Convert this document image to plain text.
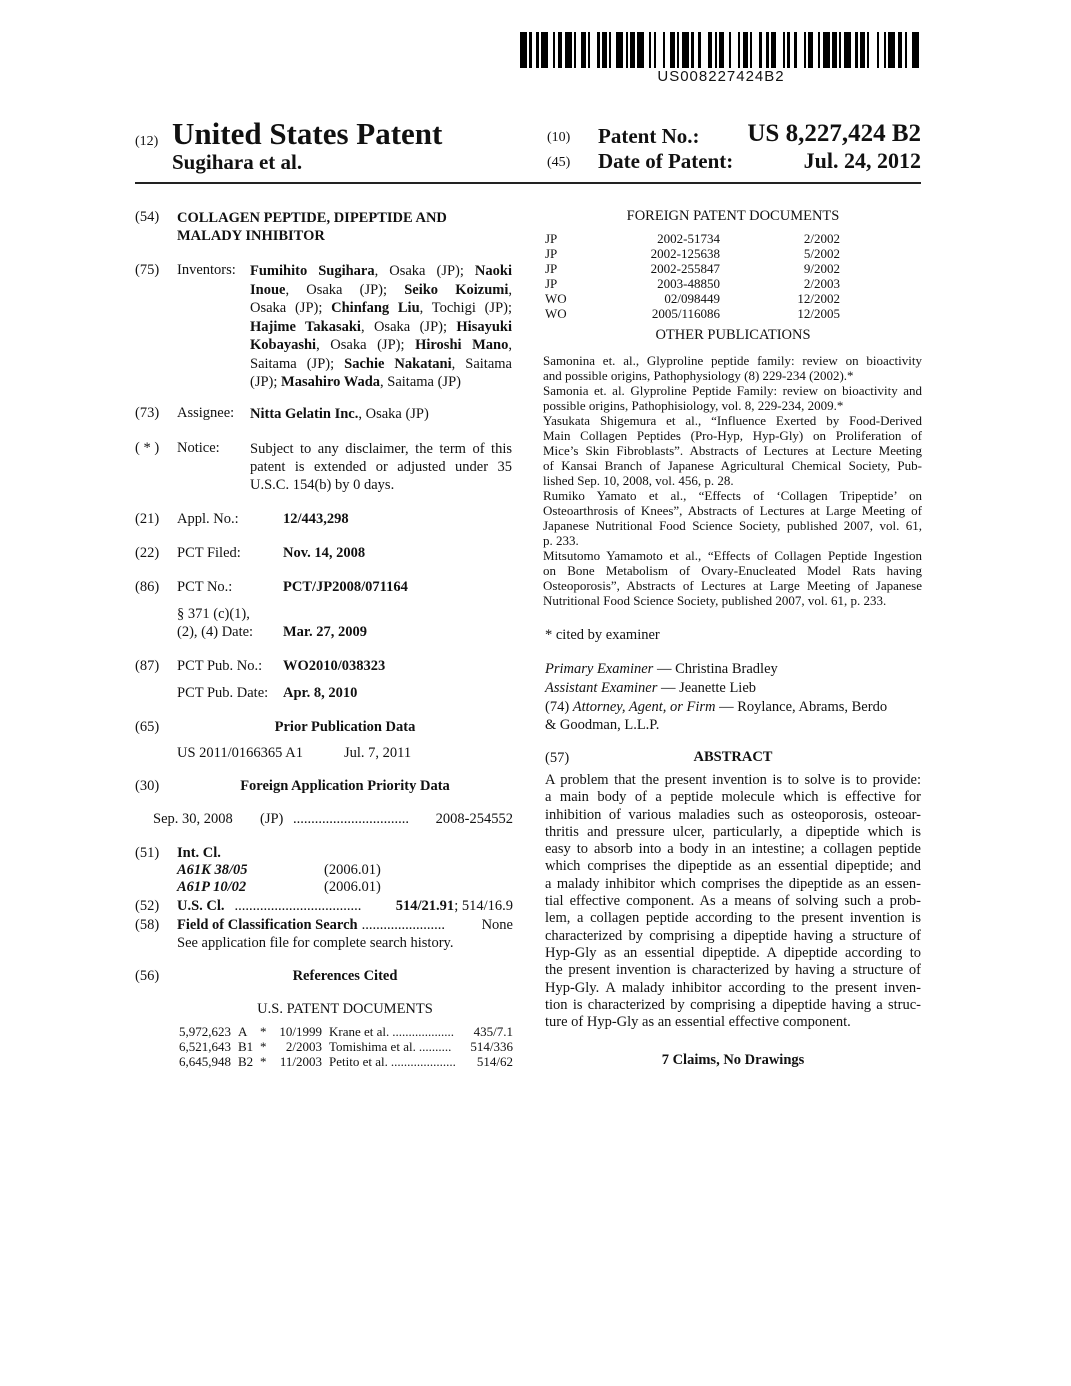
US008227424B2
(12) United States Patent
Sugihara et al.
(10) Patent No.: US 8,227,424 B2
(45) Date of Patent:	Jul. 24, 2012
(54) COLLAGEN PEPTIDE, DIPEPTIDE AND
MALADY INHIBITOR
(75) Inventors: Fumihito Sugihara, Osaka (JP); Naoki
Inoue, Osaka (JP); Seiko Koizumi,
Osaka (JP); Chinfang Liu, Tochigi (JP);
Hajime Takasaki, Osaka (JP); Hisayuki
Kobayashi, Osaka (JP); Hiroshi Mano,
Saitama (JP); Sachie Nakatani, Saitama
(JP); Masahiro Wada, Saitama (JP)
(73) Assignee: Nitta Gelatin Inc., Osaka (JP)
( * ) Notice: Subject to any disclaimer, the term of this
patent is extended or adjusted under 35
U.S.C. 154(b) by 0 days.
(21) Appl. No.:	12/443,298
(22) PCT Filed:	Nov. 14, 2008
(86) PCT No.:	PCT/JP2008/071164
§ 371 (c)(1),
(2), (4) Date: Mar. 27, 2009
(87) PCT Pub. No.: WO2010/038323
PCT Pub. Date: Apr. 8, 2010
(65)	Prior Publication Data
US 2011/0166365 A1	Jul. 7, 2011
(30)	Foreign Application Priority Data
Sep. 30, 2008	(JP) ................................	2008-254552
(51) Int. Cl.
A61K 38/05	(2006.01)
A61P 10/02	(2006.01)
(52) U.S. Cl. ...................................	514/21.91 ; 514/16.9
(58) Field of Classification Search .......................	None
See application file for complete search history.
(56)	References Cited
U.S. PATENT DOCUMENTS
5,972,623 A * 10/1999 Krane et al. ...................	435/7.1
6,521,643 B1 *	2/2003 Tomishima et al. ..........	514/336
6,645,948 B2 *	11/2003 Petito et al. ....................	514/62
FOREIGN PATENT DOCUMENTS
JP	2002-51734	2/2002
JP	2002-125638	5/2002
JP	2002-255847	9/2002
JP	2003-48850	2/2003
WO	02/098449	12/2002
WO	2005/116086	12/2005
OTHER PUBLICATIONS
Samonina et. al., Glyproline peptide family: review on bioactivity
and possible origins, Pathophysiology (8) 229-234 (2002).*
Samonia et. al. Glyproline Peptide Family: review on bioactivity and
possible origins, Pathophisiology, vol. 8, 229-234, 2009.*
Yasukata Shigemura et al., “Influence Exerted by Food-Derived
Main Collagen Peptides (Pro-Hyp, Hyp-Gly) on Proliferation of
Mice’s Skin Fibroblasts”. Abstracts of Lectures at Lecture Meeting
of Kansai Branch of Japanese Agricultural Chemical Society, Pub-
lished Sep. 10, 2008, vol. 456, p. 28.
Rumiko Yamato et al., “Effects of ‘Collagen Tripeptide’ on
Osteoarthrosis of Knees”, Abstracts of Lectures at Large Meeting of
Japanese Nutritional Food Science Society, published 2007, vol. 61,
p. 233.
Mitsutomo Yamamoto et al., “Effects of Collagen Peptide Ingestion
on Bone Metabolism of Ovary-Enucleated Model Rats having
Osteoporosis”, Abstracts of Lectures at Large Meeting of Japanese
Nutritional Food Science Society, published 2007, vol. 61, p. 233.
* cited by examiner
Primary Examiner — Christina Bradley
Assistant Examiner — Jeanette Lieb
(74) Attorney, Agent, or Firm — Roylance, Abrams, Berdo
& Goodman, L.L.P.
(57)	ABSTRACT
A problem that the present invention is to solve is to provide:
a main body of a peptide molecule which is effective for
inhibition of various maladies such as osteoporosis, osteoar-
thritis and pressure ulcer, particularly, a dipeptide which is
easy to absorb into a body in an intestine; a collagen peptide
which comprises the dipeptide as an essential dipeptide; and
a malady inhibitor which comprises the dipeptide as an essen-
tial effective component. As a means of solving such a prob-
lem, a collagen peptide according to the present invention is
characterized by comprising a dipeptide having a structure of
Hyp-Gly as an essential dipeptide. A dipeptide according to
the present invention is characterized by having a structure of
Hyp-Gly. A malady inhibitor according to the present inven-
tion is characterized by comprising a dipeptide having a struc-
ture of Hyp-Gly as an essential effective component.
7 Claims, No Drawings
